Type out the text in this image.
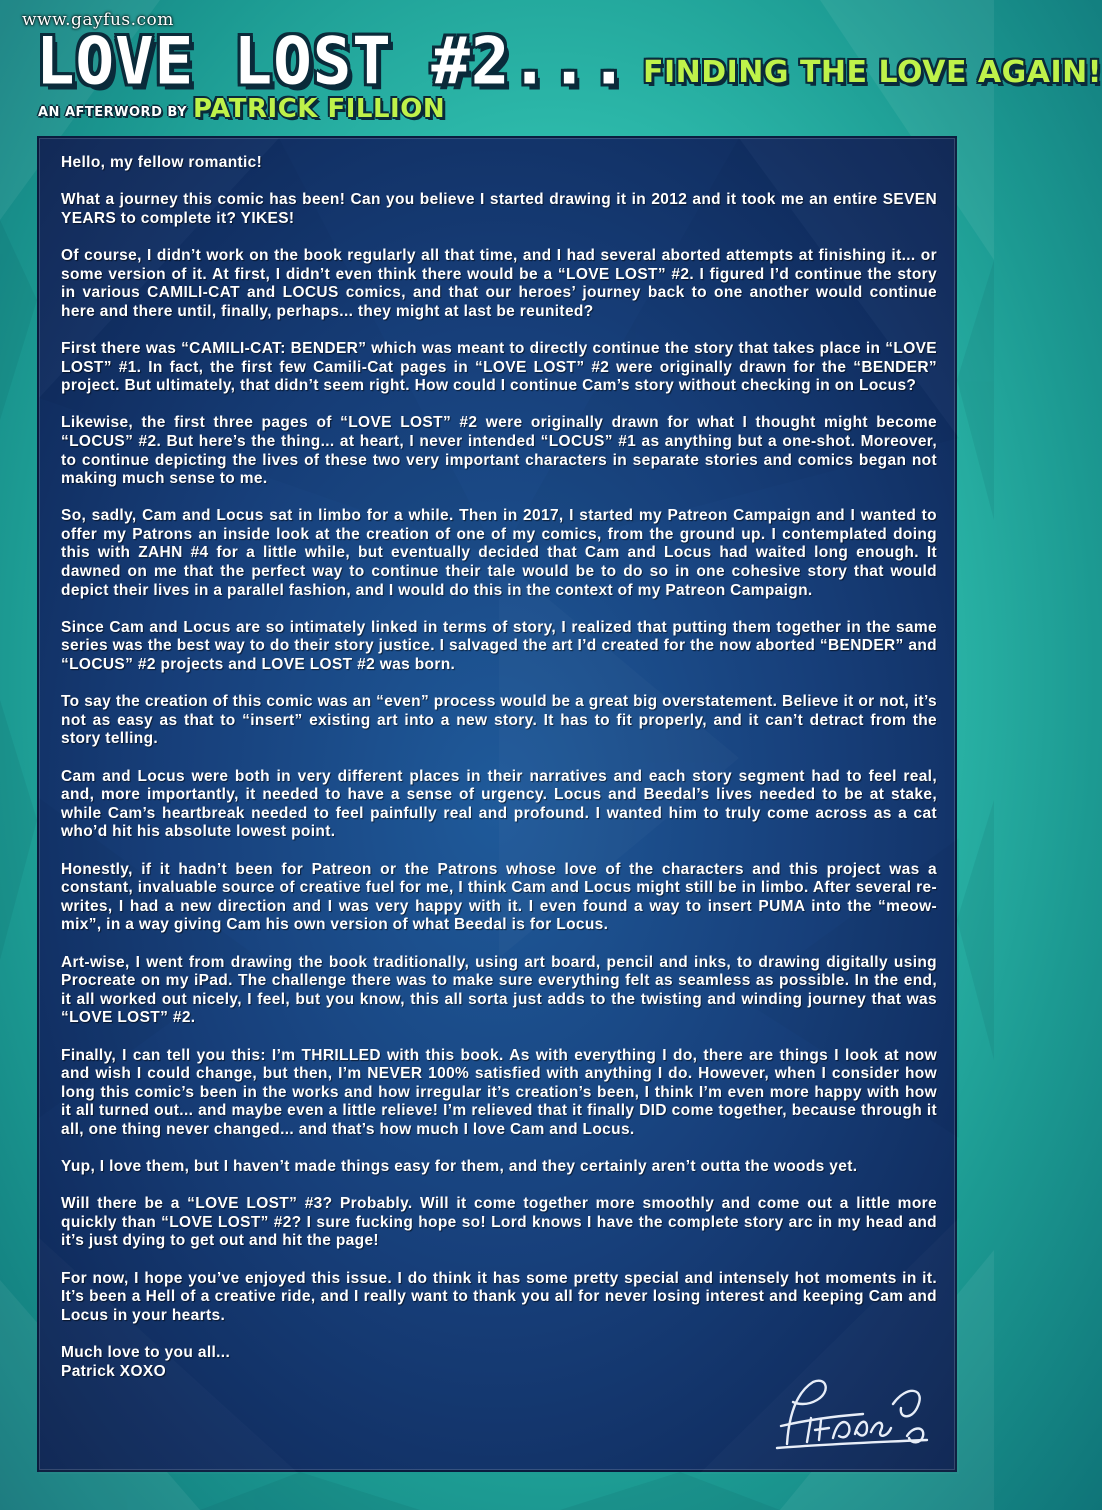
www.gayfus.com
LOVE LOST #2... FINDING THE LOVE AGAIN!
AN AFTERWORD BY PATRICK FILLION

Hello, my fellow romantic!

What a journey this comic has been! Can you believe I started drawing it in 2012 and it took me an entire SEVEN YEARS to complete it? YIKES!

Of course, I didn’t work on the book regularly all that time, and I had several aborted attempts at finishing it... or some version of it. At first, I didn’t even think there would be a “LOVE LOST” #2. I figured I’d continue the story in various CAMILI-CAT and LOCUS comics, and that our heroes’ journey back to one another would continue here and there until, finally, perhaps... they might at last be reunited?

First there was “CAMILI-CAT: BENDER” which was meant to directly continue the story that takes place in “LOVE LOST” #1. In fact, the first few Camili-Cat pages in “LOVE LOST” #2 were originally drawn for the “BENDER” project. But ultimately, that didn’t seem right. How could I continue Cam’s story without checking in on Locus?

Likewise, the first three pages of “LOVE LOST” #2 were originally drawn for what I thought might become “LOCUS” #2. But here’s the thing... at heart, I never intended “LOCUS” #1 as anything but a one-shot. Moreover, to continue depicting the lives of these two very important characters in separate stories and comics began not making much sense to me.

So, sadly, Cam and Locus sat in limbo for a while. Then in 2017, I started my Patreon Campaign and I wanted to offer my Patrons an inside look at the creation of one of my comics, from the ground up. I contemplated doing this with ZAHN #4 for a little while, but eventually decided that Cam and Locus had waited long enough. It dawned on me that the perfect way to continue their tale would be to do so in one cohesive story that would depict their lives in a parallel fashion, and I would do this in the context of my Patreon Campaign.

Since Cam and Locus are so intimately linked in terms of story, I realized that putting them together in the same series was the best way to do their story justice. I salvaged the art I’d created for the now aborted “BENDER” and “LOCUS” #2 projects and LOVE LOST #2 was born.

To say the creation of this comic was an “even” process would be a great big overstatement. Believe it or not, it’s not as easy as that to “insert” existing art into a new story. It has to fit properly, and it can’t detract from the story telling.

Cam and Locus were both in very different places in their narratives and each story segment had to feel real, and, more importantly, it needed to have a sense of urgency. Locus and Beedal’s lives needed to be at stake, while Cam’s heartbreak needed to feel painfully real and profound. I wanted him to truly come across as a cat who’d hit his absolute lowest point.

Honestly, if it hadn’t been for Patreon or the Patrons whose love of the characters and this project was a constant, invaluable source of creative fuel for me, I think Cam and Locus might still be in limbo. After several re-writes, I had a new direction and I was very happy with it. I even found a way to insert PUMA into the “meow-mix”, in a way giving Cam his own version of what Beedal is for Locus.

Art-wise, I went from drawing the book traditionally, using art board, pencil and inks, to drawing digitally using Procreate on my iPad. The challenge there was to make sure everything felt as seamless as possible. In the end, it all worked out nicely, I feel, but you know, this all sorta just adds to the twisting and winding journey that was “LOVE LOST” #2.

Finally, I can tell you this: I’m THRILLED with this book. As with everything I do, there are things I look at now and wish I could change, but then, I’m NEVER 100% satisfied with anything I do. However, when I consider how long this comic’s been in the works and how irregular it’s creation’s been, I think I’m even more happy with how it all turned out... and maybe even a little relieve! I’m relieved that it finally DID come together, because through it all, one thing never changed... and that’s how much I love Cam and Locus.

Yup, I love them, but I haven’t made things easy for them, and they certainly aren’t outta the woods yet.

Will there be a “LOVE LOST” #3? Probably. Will it come together more smoothly and come out a little more quickly than “LOVE LOST” #2? I sure fucking hope so! Lord knows I have the complete story arc in my head and it’s just dying to get out and hit the page!

For now, I hope you’ve enjoyed this issue. I do think it has some pretty special and intensely hot moments in it. It’s been a Hell of a creative ride, and I really want to thank you all for never losing interest and keeping Cam and Locus in your hearts.

Much love to you all...
Patrick XOXO
